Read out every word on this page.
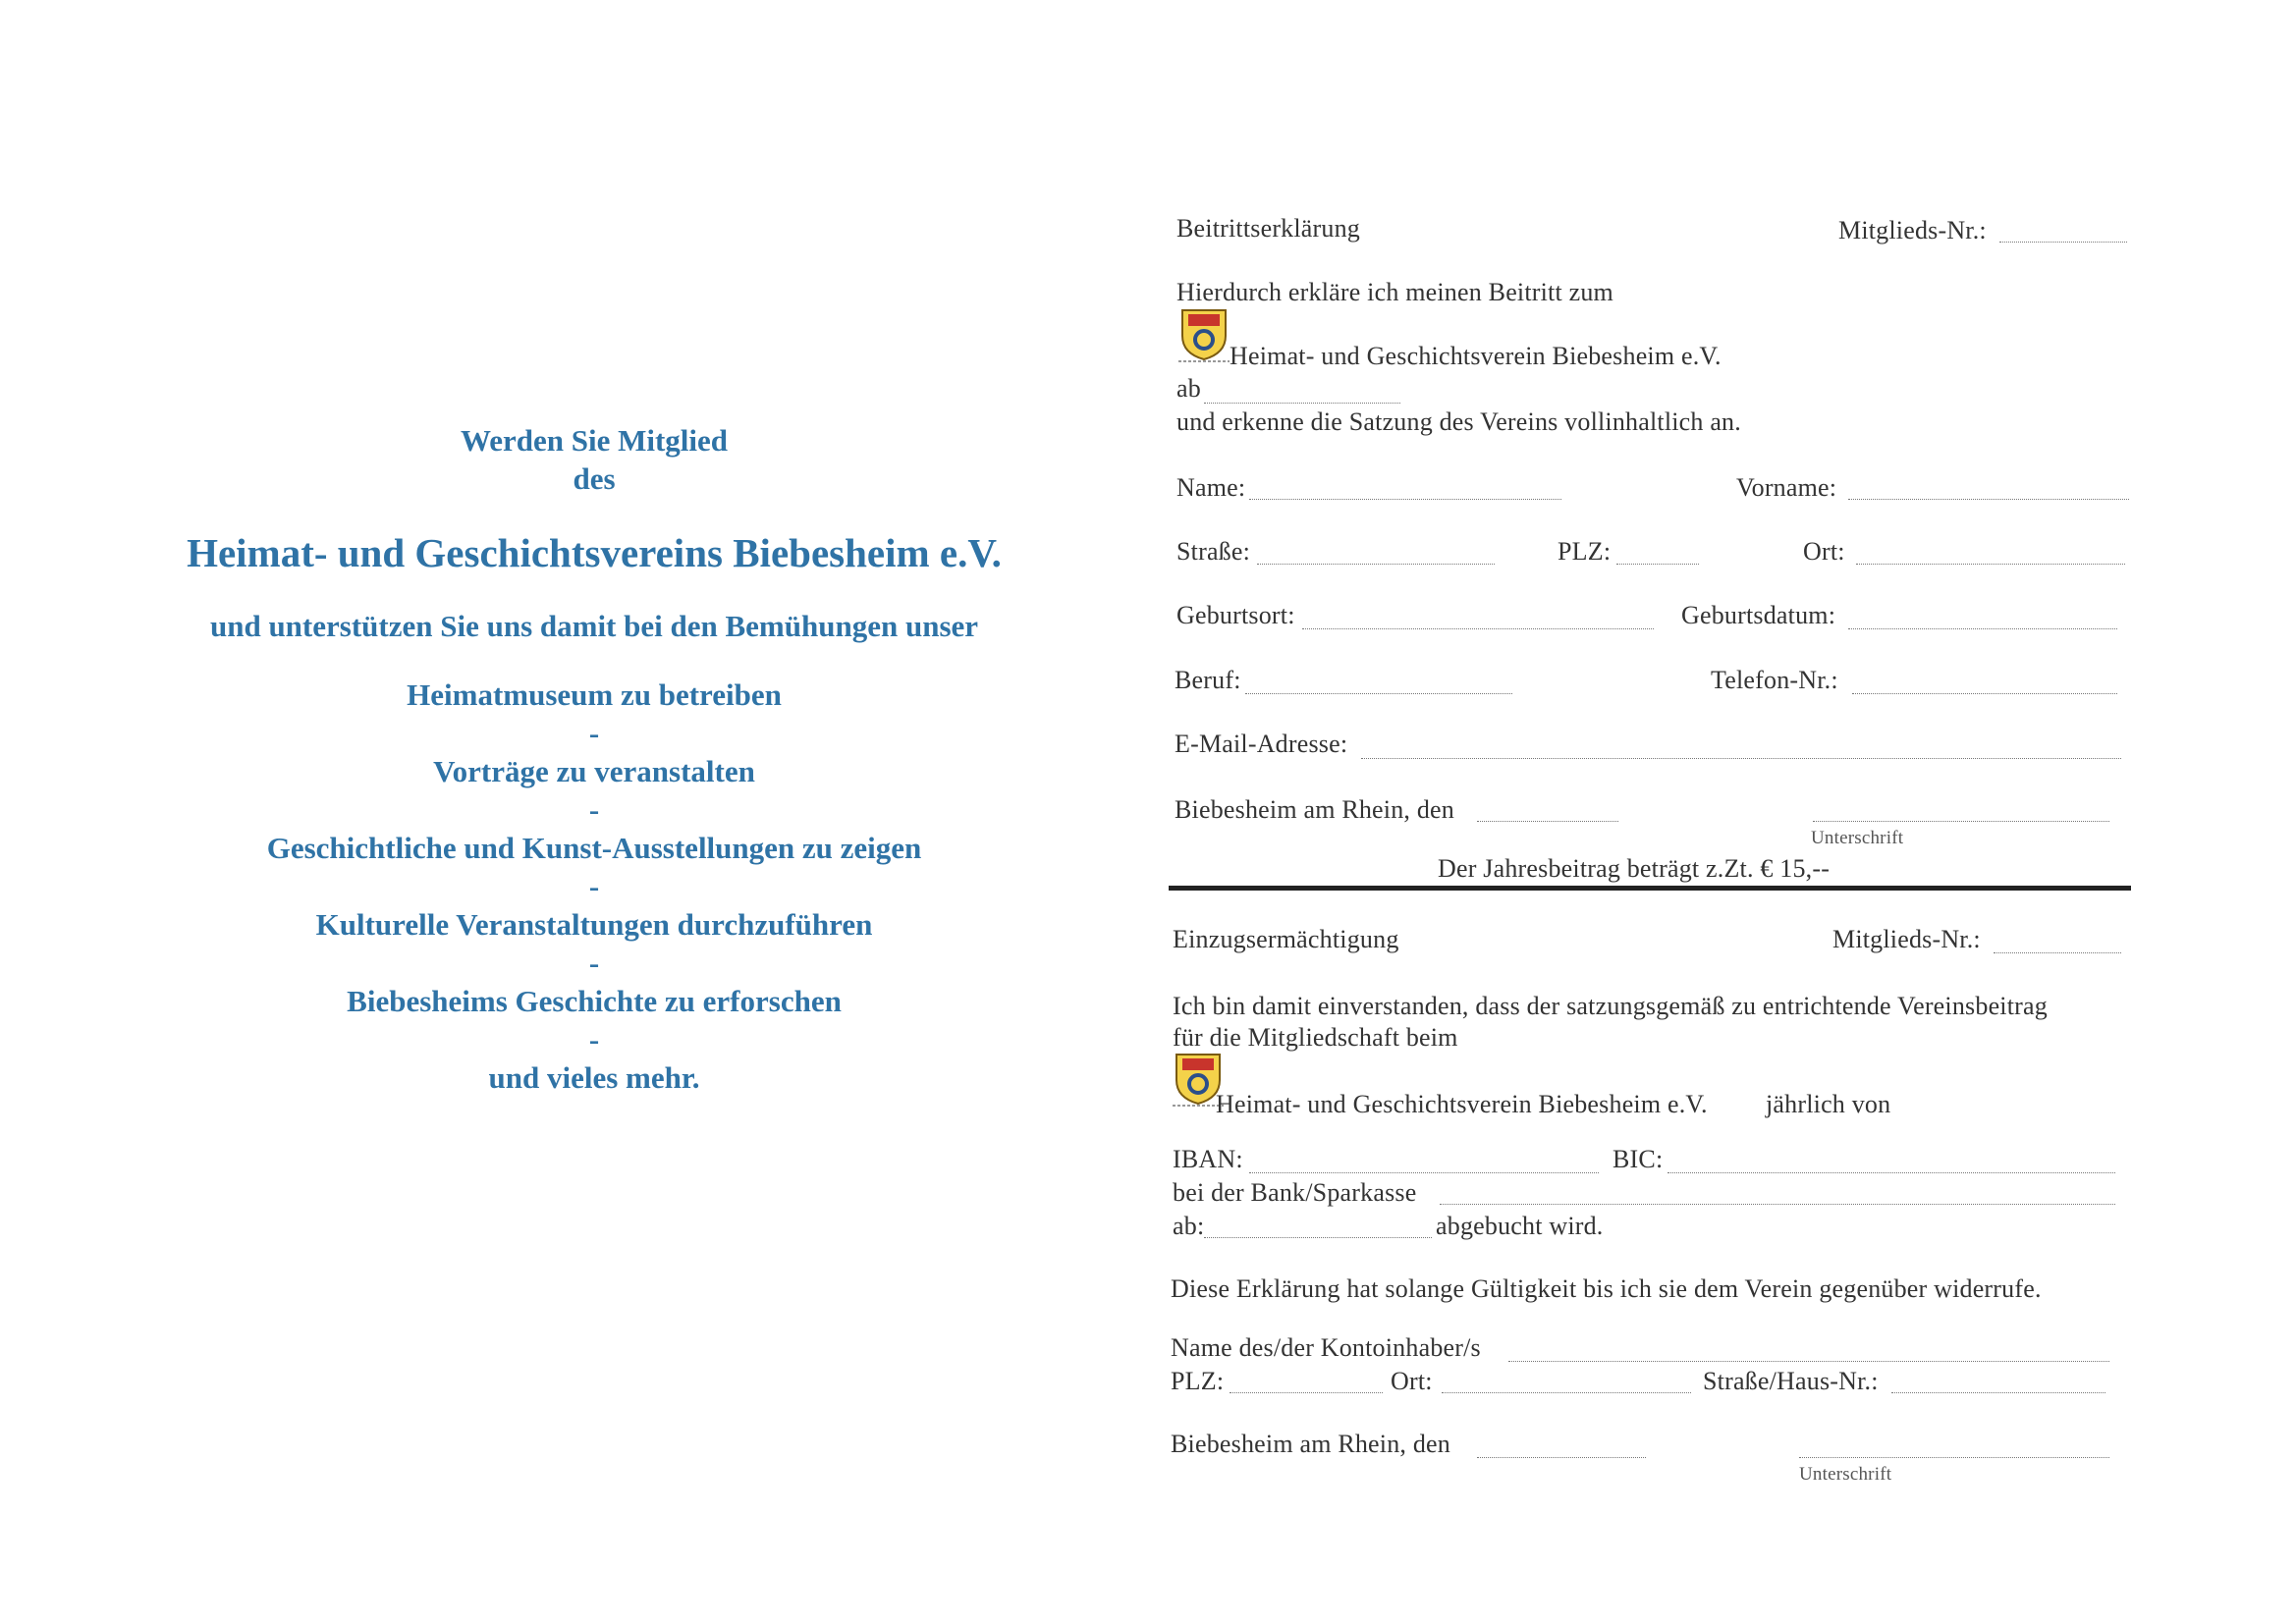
Werden Sie Mitglied
des
Heimat- und Geschichtsvereins Biebesheim e.V.
und unterstützen Sie uns damit bei den Bemühungen unser
Heimatmuseum zu betreiben
-
Vorträge zu veranstalten
-
Geschichtliche und Kunst-Ausstellungen zu zeigen
-
Kulturelle Veranstaltungen durchzuführen
-
Biebesheims Geschichte zu erforschen
-
und vieles mehr.
Beitrittserklärung	Mitglieds-Nr.:
Hierdurch erkläre ich meinen Beitritt zum
Heimat- und Geschichtsverein Biebesheim e.V.
ab
und erkenne die Satzung des Vereins vollinhaltlich an.
Name:	Vorname:
Straße:	PLZ:	Ort:
Geburtsort:	Geburtsdatum:
Beruf:	Telefon-Nr.:
E-Mail-Adresse:
Biebesheim am Rhein, den
Unterschrift
Der Jahresbeitrag beträgt z.Zt. € 15,--
Einzugsermächtigung	Mitglieds-Nr.:
Ich bin damit einverstanden, dass der satzungsgemäß zu entrichtende Vereinsbeitrag
für die Mitgliedschaft beim
Heimat- und Geschichtsverein Biebesheim e.V. jährlich von
IBAN:	BIC:
bei der Bank/Sparkasse
ab:	abgebucht wird.
Diese Erklärung hat solange Gültigkeit bis ich sie dem Verein gegenüber widerrufe.
Name des/der Kontoinhaber/s
PLZ:	Ort:	Straße/Haus-Nr.:
Biebesheim am Rhein, den
Unterschrift
